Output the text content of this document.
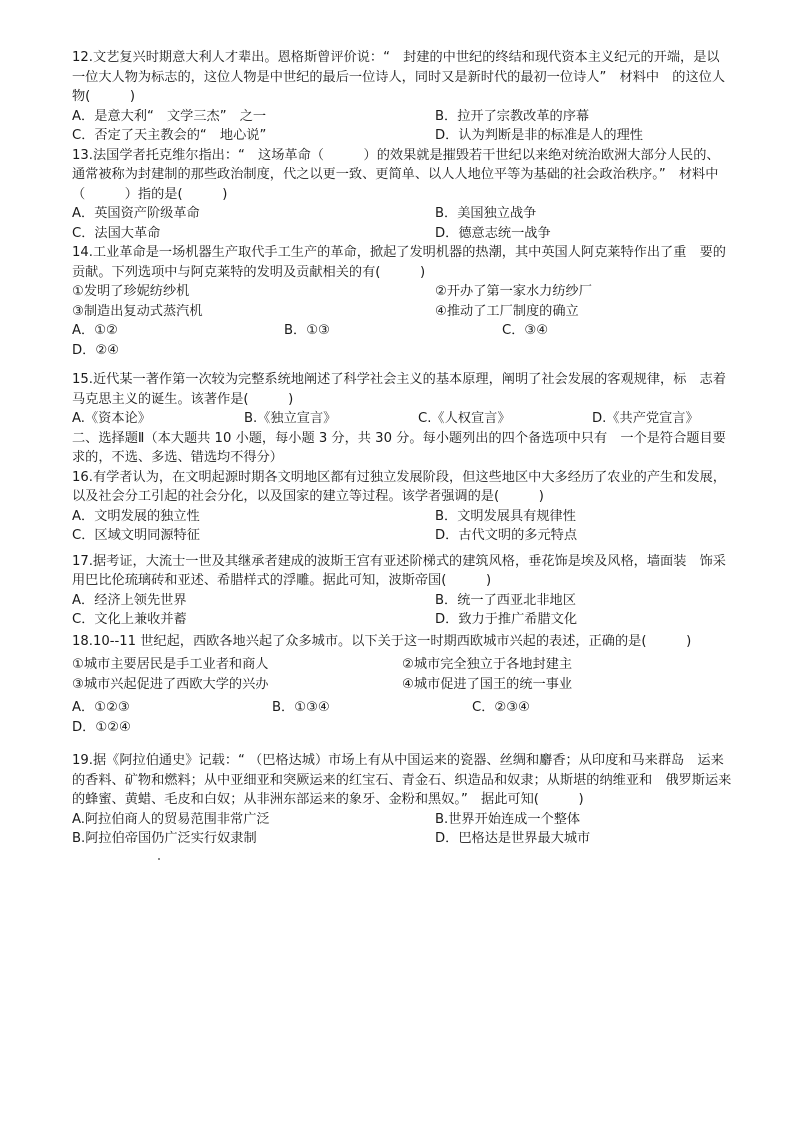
12.文艺复兴时期意大利人才辈出。恩格斯曾评价说：“　封建的中世纪的终结和现代资本主义纪元的开端，是以一位大人物为标志的，这位人物是中世纪的最后一位诗人，同时又是新时代的最初一位诗人”　材料中　的这位人物(　　　)

A．是意大利“　文学三杰”　之一	B．拉开了宗教改革的序幕
C．否定了天主教会的“　地心说”	D．认为判断是非的标准是人的理性

13.法国学者托克维尔指出：“　这场革命（　　　）的效果就是摧毁若干世纪以来绝对统治欧洲大部分人民的、　通常被称为封建制的那些政治制度，代之以更一致、更简单、以人人地位平等为基础的社会政治秩序。”　材料中（　　　）指的是(　　　)

A．英国资产阶级革命	B．美国独立战争
C．法国大革命	D．德意志统一战争

14.工业革命是一场机器生产取代手工生产的革命，掀起了发明机器的热潮，其中英国人阿克莱特作出了重　要的贡献。下列选项中与阿克莱特的发明及贡献相关的有(　　　)

①发明了珍妮纺纱机	②开办了第一家水力纺纱厂
③制造出复动式蒸汽机	④推动了工厂制度的确立
A．①②	B．①③	C．③④
D．②④

15.近代某一著作第一次较为完整系统地阐述了科学社会主义的基本原理，阐明了社会发展的客观规律，标　志着马克思主义的诞生。该著作是(　　　)

A.《资本论》	B.《独立宣言》	C.《人权宣言》	D.《共产党宣言》

二、选择题Ⅱ（本大题共 10 小题，每小题 3 分，共 30 分。每小题列出的四个备选项中只有　一个是符合题目要求的，不选、多选、错选均不得分）

16.有学者认为，在文明起源时期各文明地区都有过独立发展阶段，但这些地区中大多经历了农业的产生和发展，以及社会分工引起的社会分化，以及国家的建立等过程。该学者强调的是(　　　)

A．文明发展的独立性	B．文明发展具有规律性
C．区域文明同源特征	D．古代文明的多元特点

17.据考证，大流士一世及其继承者建成的波斯王宫有亚述阶梯式的建筑风格，垂花饰是埃及风格，墙面装　饰采用巴比伦琉璃砖和亚述、希腊样式的浮雕。据此可知，波斯帝国(　　　)

A．经济上领先世界	B．统一了西亚北非地区
C．文化上兼收并蓄	D．致力于推广希腊文化

18.10--11 世纪起，西欧各地兴起了众多城市。以下关于这一时期西欧城市兴起的表述，正确的是(　　　)

①城市主要居民是手工业者和商人	②城市完全独立于各地封建主
③城市兴起促进了西欧大学的兴办	④城市促进了国王的统一事业
A．①②③	B．①③④	C．②③④
D．①②④

19.据《阿拉伯通史》记载：“ （巴格达城）市场上有从中国运来的瓷器、丝绸和麝香；从印度和马来群岛　运来的香料、矿物和燃料；从中亚细亚和突厥运来的红宝石、青金石、织造品和奴隶；从斯堪的纳维亚和　俄罗斯运来的蜂蜜、黄蜡、毛皮和白奴；从非洲东部运来的象牙、金粉和黑奴。”　据此可知(　　　)

A.阿拉伯商人的贸易范围非常广泛	B.世界开始连成一个整体
B.阿拉伯帝国仍广泛实行奴隶制	D．巴格达是世界最大城市
